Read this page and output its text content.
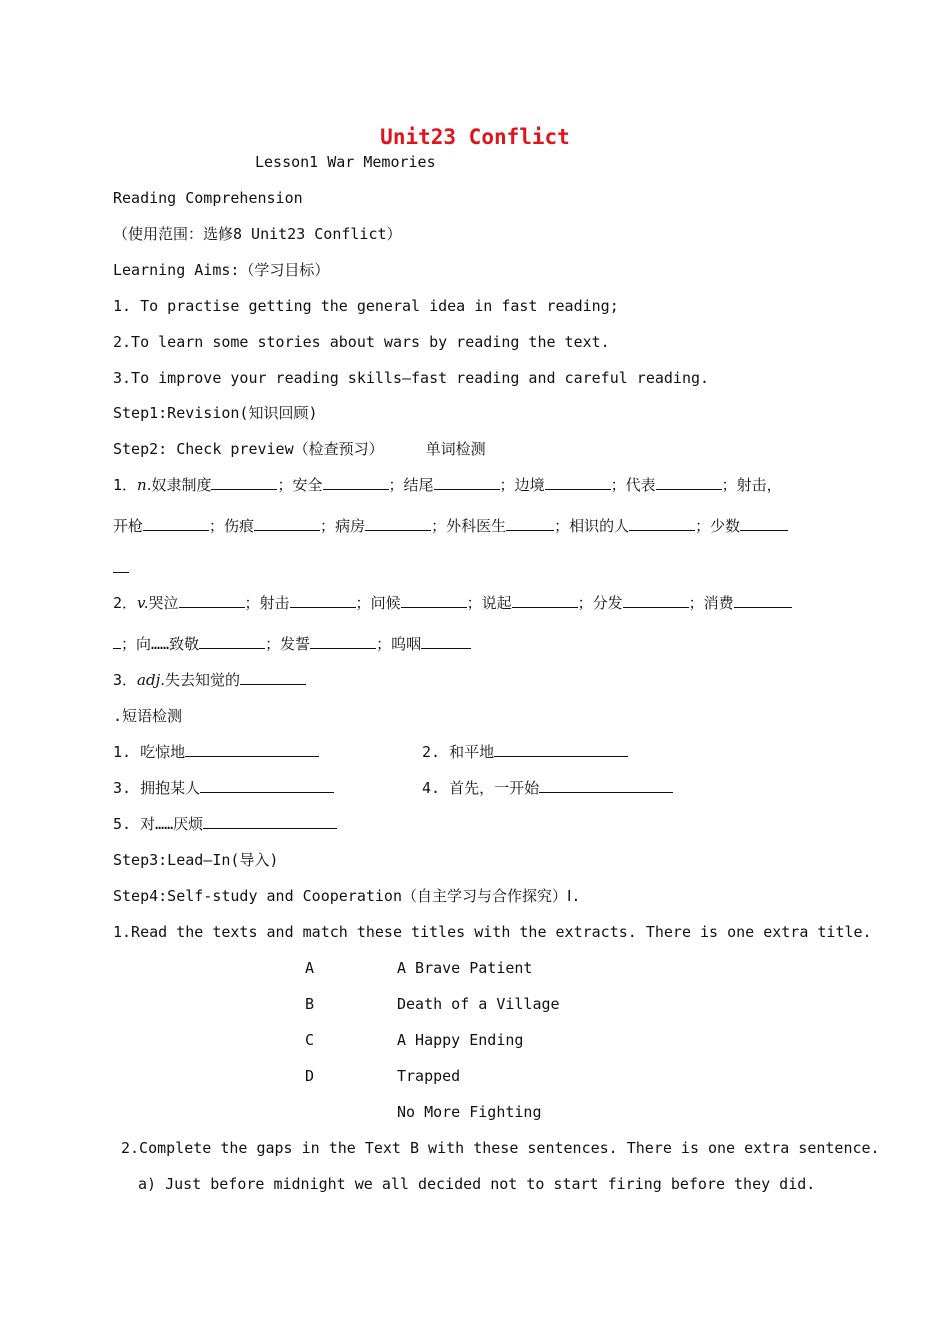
Unit23 Conflict
Lesson1 War Memories
Reading Comprehension
（使用范围：选修8 Unit23 Conflict）
Learning Aims:（学习目标）
1. To practise getting the general idea in fast reading;
2.To learn some stories about wars by reading the text.
3.To improve your reading skills—fast reading and careful reading.
Step1:Revision(知识回顾)
Step2: Check preview（检查预习）	单词检测
1．n.奴隶制度	；安全	；结尾	；边境	；代表	；射击，
开枪	；伤痕	；病房	；外科医生	；相识的人	；少数
2．v.哭泣	；射击	；问候	；说起	；分发	；消费
；向……致敬	；发誓	；呜咽
3．adj.失去知觉的
.短语检测
1. 吃惊地	2. 和平地
3. 拥抱某人	4. 首先，一开始
5. 对……厌烦
Step3:Lead—In(导入)
Step4:Self-study and Cooperation（自主学习与合作探究）Ⅰ.
1.Read the texts and match these titles with the extracts. There is one extra title.
A	A Brave Patient
B	Death of a Village
C	A Happy Ending
D	Trapped
No More Fighting
2.Complete the gaps in the Text B with these sentences. There is one extra sentence.
a) Just before midnight we all decided not to start firing before they did.
